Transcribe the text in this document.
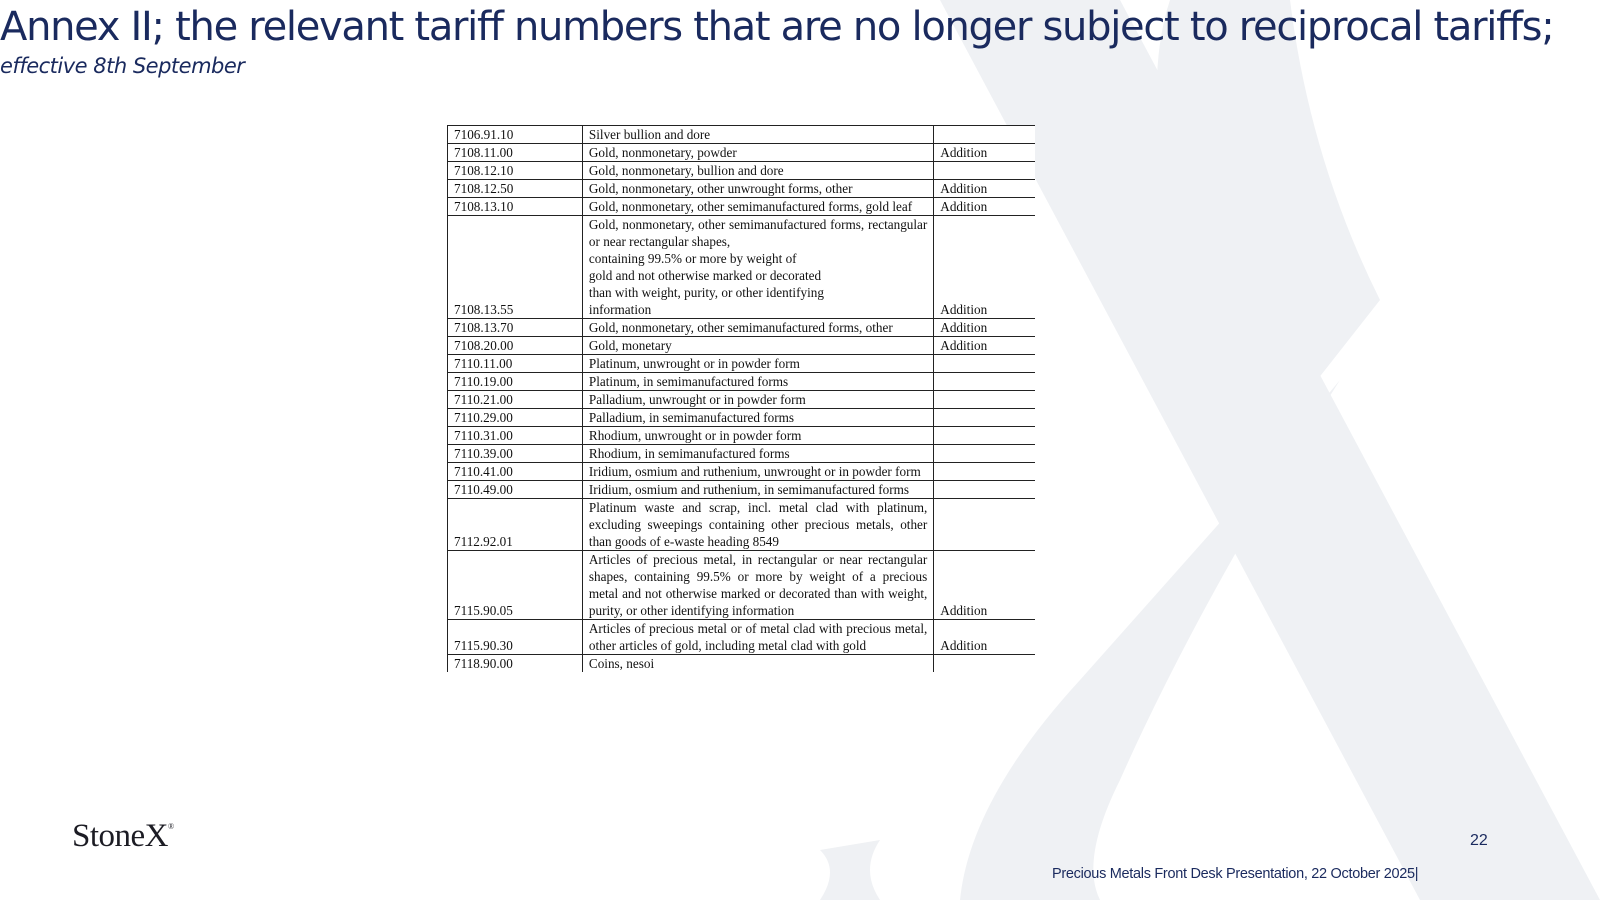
Annex II; the relevant tariff numbers that are no longer subject to reciprocal tariffs;
effective 8th September
7106.91.10	Silver bullion and dore	
7108.11.00	Gold, nonmonetary, powder	Addition
7108.12.10	Gold, nonmonetary, bullion and dore	
7108.12.50	Gold, nonmonetary, other unwrought forms, other	Addition
7108.13.10	Gold, nonmonetary, other semimanufactured forms, gold leaf	Addition
7108.13.55	Gold, nonmonetary, other semimanufactured forms, rectangular or near rectangular shapes,
containing 99.5% or more by weight of
gold and not otherwise marked or decorated
than with weight, purity, or other identifying
information	Addition
7108.13.70	Gold, nonmonetary, other semimanufactured forms, other	Addition
7108.20.00	Gold, monetary	Addition
7110.11.00	Platinum, unwrought or in powder form	
7110.19.00	Platinum, in semimanufactured forms	
7110.21.00	Palladium, unwrought or in powder form	
7110.29.00	Palladium, in semimanufactured forms	
7110.31.00	Rhodium, unwrought or in powder form	
7110.39.00	Rhodium, in semimanufactured forms	
7110.41.00	Iridium, osmium and ruthenium, unwrought or in powder form	
7110.49.00	Iridium, osmium and ruthenium, in semimanufactured forms	
7112.92.01	Platinum waste and scrap, incl. metal clad with platinum, excluding sweepings containing other precious metals, other than goods of e-waste heading 8549	
7115.90.05	Articles of precious metal, in rectangular or near rectangular shapes, containing 99.5% or more by weight of a precious metal and not otherwise marked or decorated than with weight, purity, or other identifying information	Addition
7115.90.30	Articles of precious metal or of metal clad with precious metal, other articles of gold, including metal clad with gold	Addition
7118.90.00	Coins, nesoi	
StoneX®
22
Precious Metals Front Desk Presentation, 22 October 2025|
